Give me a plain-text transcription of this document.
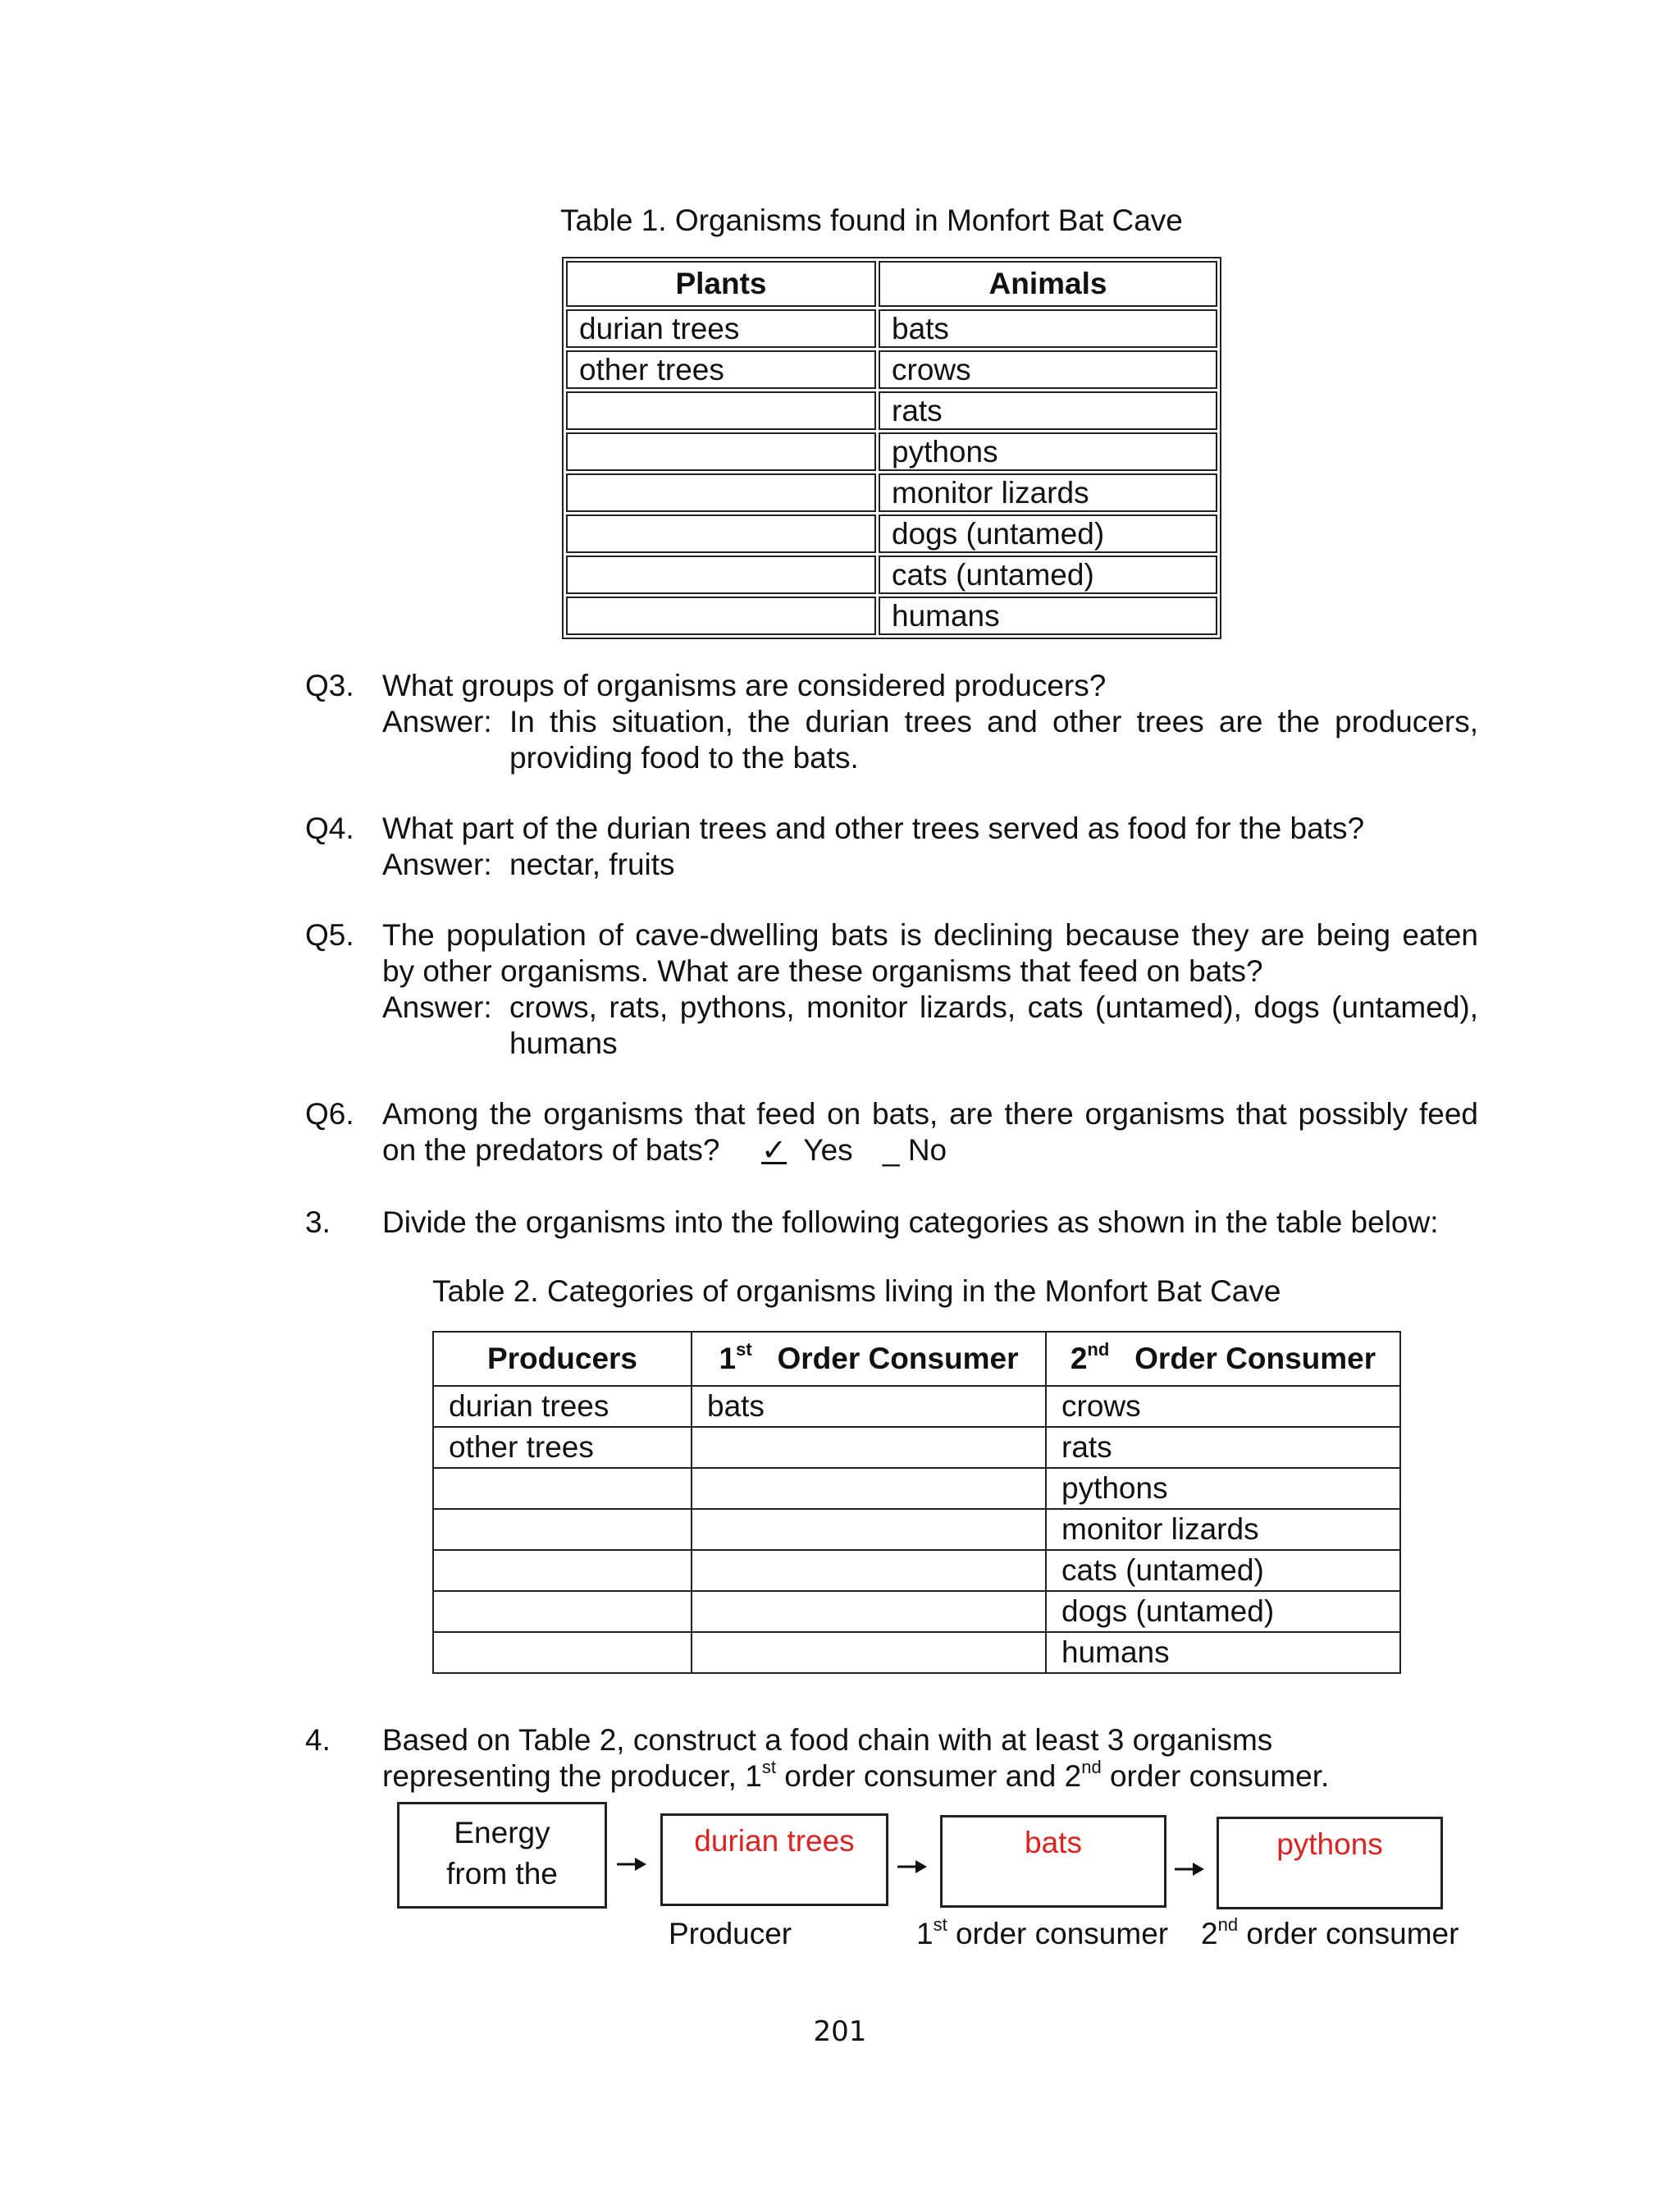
Table 1. Organisms found in Monfort Bat Cave
Plants	Animals
durian trees	bats
other trees	crows
	rats
	pythons
	monitor lizards
	dogs (untamed)
	cats (untamed)
	humans
Q3. What groups of organisms are considered producers?
Answer: In this situation, the durian trees and other trees are the producers, providing food to the bats.
Q4. What part of the durian trees and other trees served as food for the bats?
Answer: nectar, fruits
Q5. The population of cave-dwelling bats is declining because they are being eaten by other organisms. What are these organisms that feed on bats?
Answer: crows, rats, pythons, monitor lizards, cats (untamed), dogs (untamed), humans
Q6. Among the organisms that feed on bats, are there organisms that possibly feed on the predators of bats?	✓ Yes _ No
3. Divide the organisms into the following categories as shown in the table below:
Table 2. Categories of organisms living in the Monfort Bat Cave
Producers	1st Order Consumer	2nd Order Consumer
durian trees	bats	crows
other trees		rats
		pythons
		monitor lizards
		cats (untamed)
		dogs (untamed)
		humans
4. Based on Table 2, construct a food chain with at least 3 organisms
representing the producer, 1st order consumer and 2nd order consumer.
Energy
from the
durian trees	bats	pythons
Producer	1st order consumer 2nd order consumer
201
